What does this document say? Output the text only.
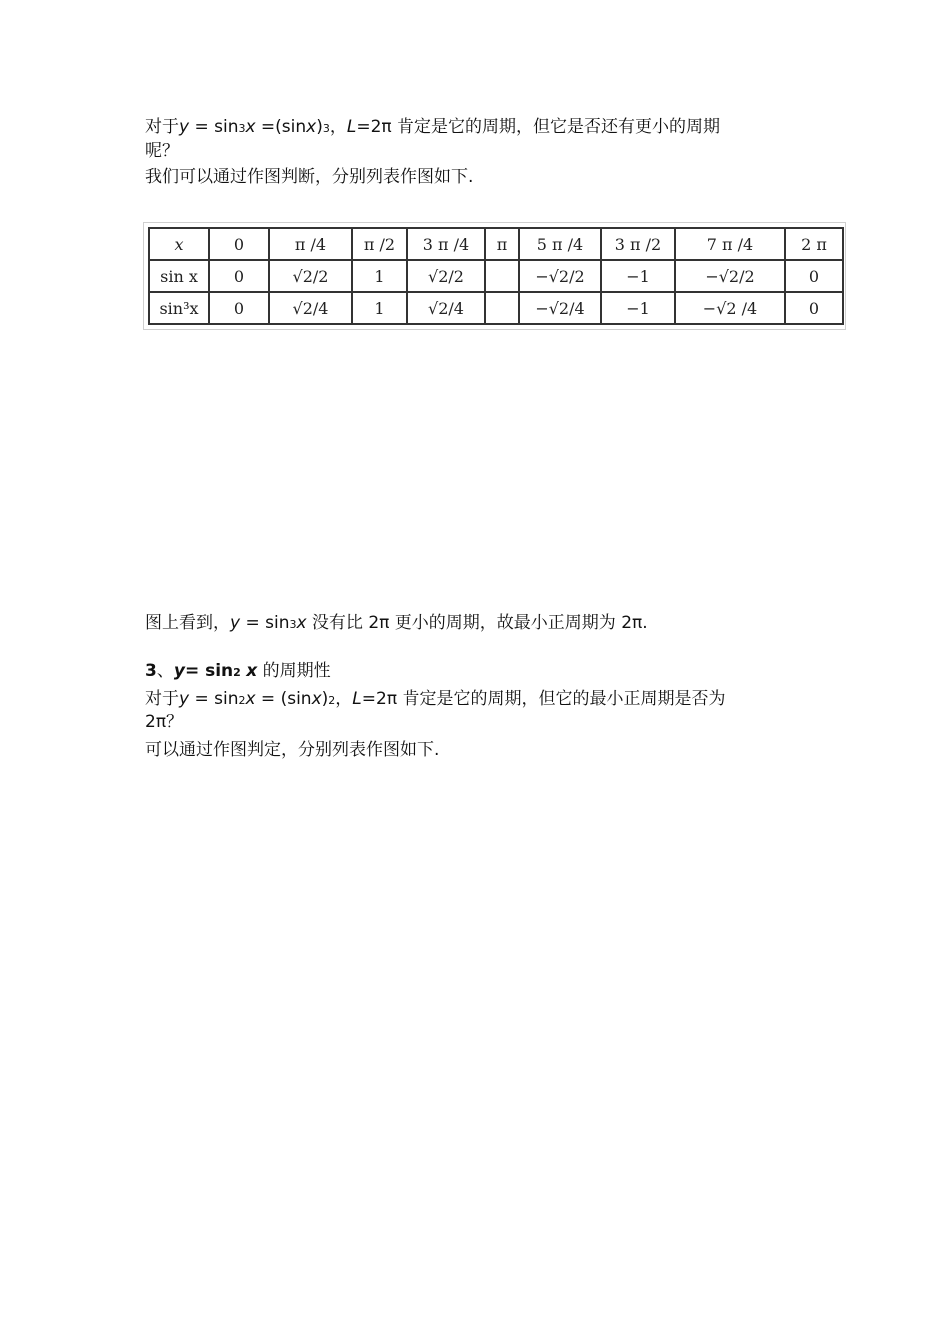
对于y = sin3x =(sinx)3，L=2π 肯定是它的周期，但它是否还有更小的周期
呢？
我们可以通过作图判断，分别列表作图如下.
x	0	π /4	π /2	3 π /4	π	5 π /4	3 π /2	7 π /4	2 π
sin x	0	√2/2	1	√2/2		−√2/2	−1	−√2/2	0
sin³x	0	√2/4	1	√2/4		−√2/4	−1	−√2 /4	0
图上看到，y = sin3x 没有比 2π 更小的周期，故最小正周期为 2π.
3、y= sin2 x 的周期性
对于y = sin2x = (sinx)2，L=2π 肯定是它的周期，但它的最小正周期是否为
2π？
可以通过作图判定，分别列表作图如下.
